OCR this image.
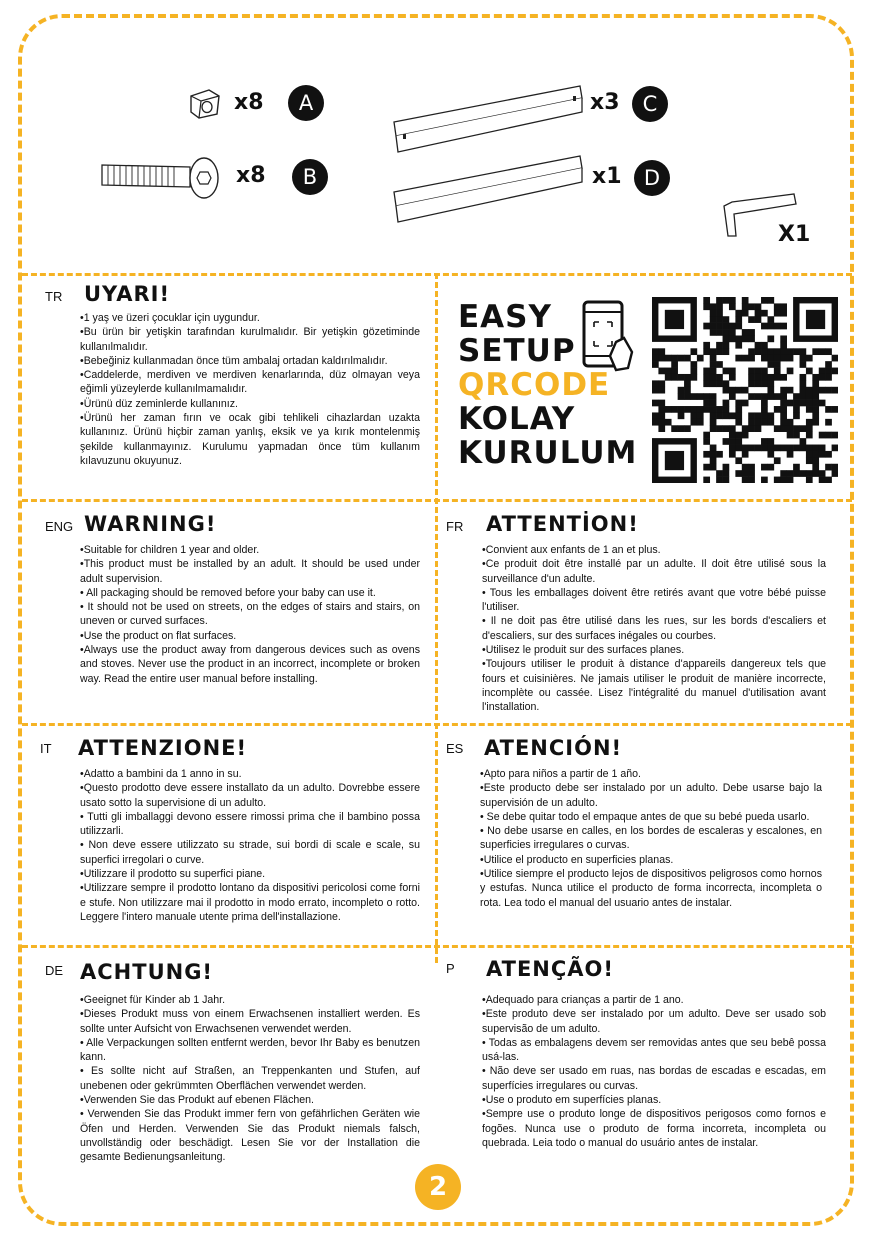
x8	A
x8	B
x3	C
x1	D
X1
TR UYARI!

•1 yaş ve üzeri çocuklar için uygundur.

•Bu ürün bir yetişkin tarafından kurulmalıdır. Bir yetişkin gözetiminde kullanılmalıdır.

•Bebeğiniz kullanmadan önce tüm ambalaj ortadan kaldırılmalıdır.

•Caddelerde, merdiven ve merdiven kenarlarında, düz olmayan veya eğimli yüzeylerde kullanılmamalıdır.

•Ürünü düz zeminlerde kullanınız.

•Ürünü her zaman fırın ve ocak gibi tehlikeli cihazlardan uzakta kullanınız. Ürünü hiçbir zaman yanlış, eksik ve ya kırık montelenmiş şekilde kullanmayınız. Kurulumu yapmadan önce tüm kullanım kılavuzunu okuyunuz.

EASY
SETUP
QRCODE
KOLAY
KURULUM
ENG WARNING!

•Suitable for children 1 year and older.

•This product must be installed by an adult. It should be used under adult supervision.

• All packaging should be removed before your baby can use it.

• It should not be used on streets, on the edges of stairs and stairs, on uneven or curved surfaces.

•Use the product on flat surfaces.

•Always use the product away from dangerous devices such as ovens and stoves. Never use the product in an incorrect, incomplete or broken way. Read the entire user manual before installing.

FR ATTENTİON!

•Convient aux enfants de 1 an et plus.

•Ce produit doit être installé par un adulte. Il doit être utilisé sous la surveillance d'un adulte.

• Tous les emballages doivent être retirés avant que votre bébé puisse l'utiliser.

• Il ne doit pas être utilisé dans les rues, sur les bords d'escaliers et d'escaliers, sur des surfaces inégales ou courbes.

•Utilisez le produit sur des surfaces planes.

•Toujours utiliser le produit à distance d'appareils dangereux tels que fours et cuisinières. Ne jamais utiliser le produit de manière incorrecte, incomplète ou cassée. Lisez l'intégralité du manuel d'utilisation avant l'installation.

IT ATTENZIONE!

•Adatto a bambini da 1 anno in su.

•Questo prodotto deve essere installato da un adulto. Dovrebbe essere usato sotto la supervisione di un adulto.

• Tutti gli imballaggi devono essere rimossi prima che il bambino possa utilizzarli.

• Non deve essere utilizzato su strade, sui bordi di scale e scale, su superfici irregolari o curve.

•Utilizzare il prodotto su superfici piane.

•Utilizzare sempre il prodotto lontano da dispositivi pericolosi come forni e stufe. Non utilizzare mai il prodotto in modo errato, incompleto o rotto. Leggere l'intero manuale utente prima dell'installazione.

ES ATENCIÓN!

•Apto para niños a partir de 1 año.

•Este producto debe ser instalado por un adulto. Debe usarse bajo la supervisión de un adulto.

• Se debe quitar todo el empaque antes de que su bebé pueda usarlo.

• No debe usarse en calles, en los bordes de escaleras y escalones, en superficies irregulares o curvas.

•Utilice el producto en superficies planas.

•Utilice siempre el producto lejos de dispositivos peligrosos como hornos y estufas. Nunca utilice el producto de forma incorrecta, incompleta o rota. Lea todo el manual del usuario antes de instalar.

DE ACHTUNG!

•Geeignet für Kinder ab 1 Jahr.

•Dieses Produkt muss von einem Erwachsenen installiert werden. Es sollte unter Aufsicht von Erwachsenen verwendet werden.

• Alle Verpackungen sollten entfernt werden, bevor Ihr Baby es benutzen kann.

• Es sollte nicht auf Straßen, an Treppenkanten und Stufen, auf unebenen oder gekrümmten Oberflächen verwendet werden.

•Verwenden Sie das Produkt auf ebenen Flächen.

• Verwenden Sie das Produkt immer fern von gefährlichen Geräten wie Öfen und Herden. Verwenden Sie das Produkt niemals falsch, unvollständig oder beschädigt. Lesen Sie vor der Installation die gesamte Bedienungsanleitung.

P ATENÇÃO!

•Adequado para crianças a partir de 1 ano.

•Este produto deve ser instalado por um adulto. Deve ser usado sob supervisão de um adulto.

• Todas as embalagens devem ser removidas antes que seu bebê possa usá-las.

• Não deve ser usado em ruas, nas bordas de escadas e escadas, em superfícies irregulares ou curvas.

•Use o produto em superfícies planas.

•Sempre use o produto longe de dispositivos perigosos como fornos e fogões. Nunca use o produto de forma incorreta, incompleta ou quebrada. Leia todo o manual do usuário antes de instalar.

2
